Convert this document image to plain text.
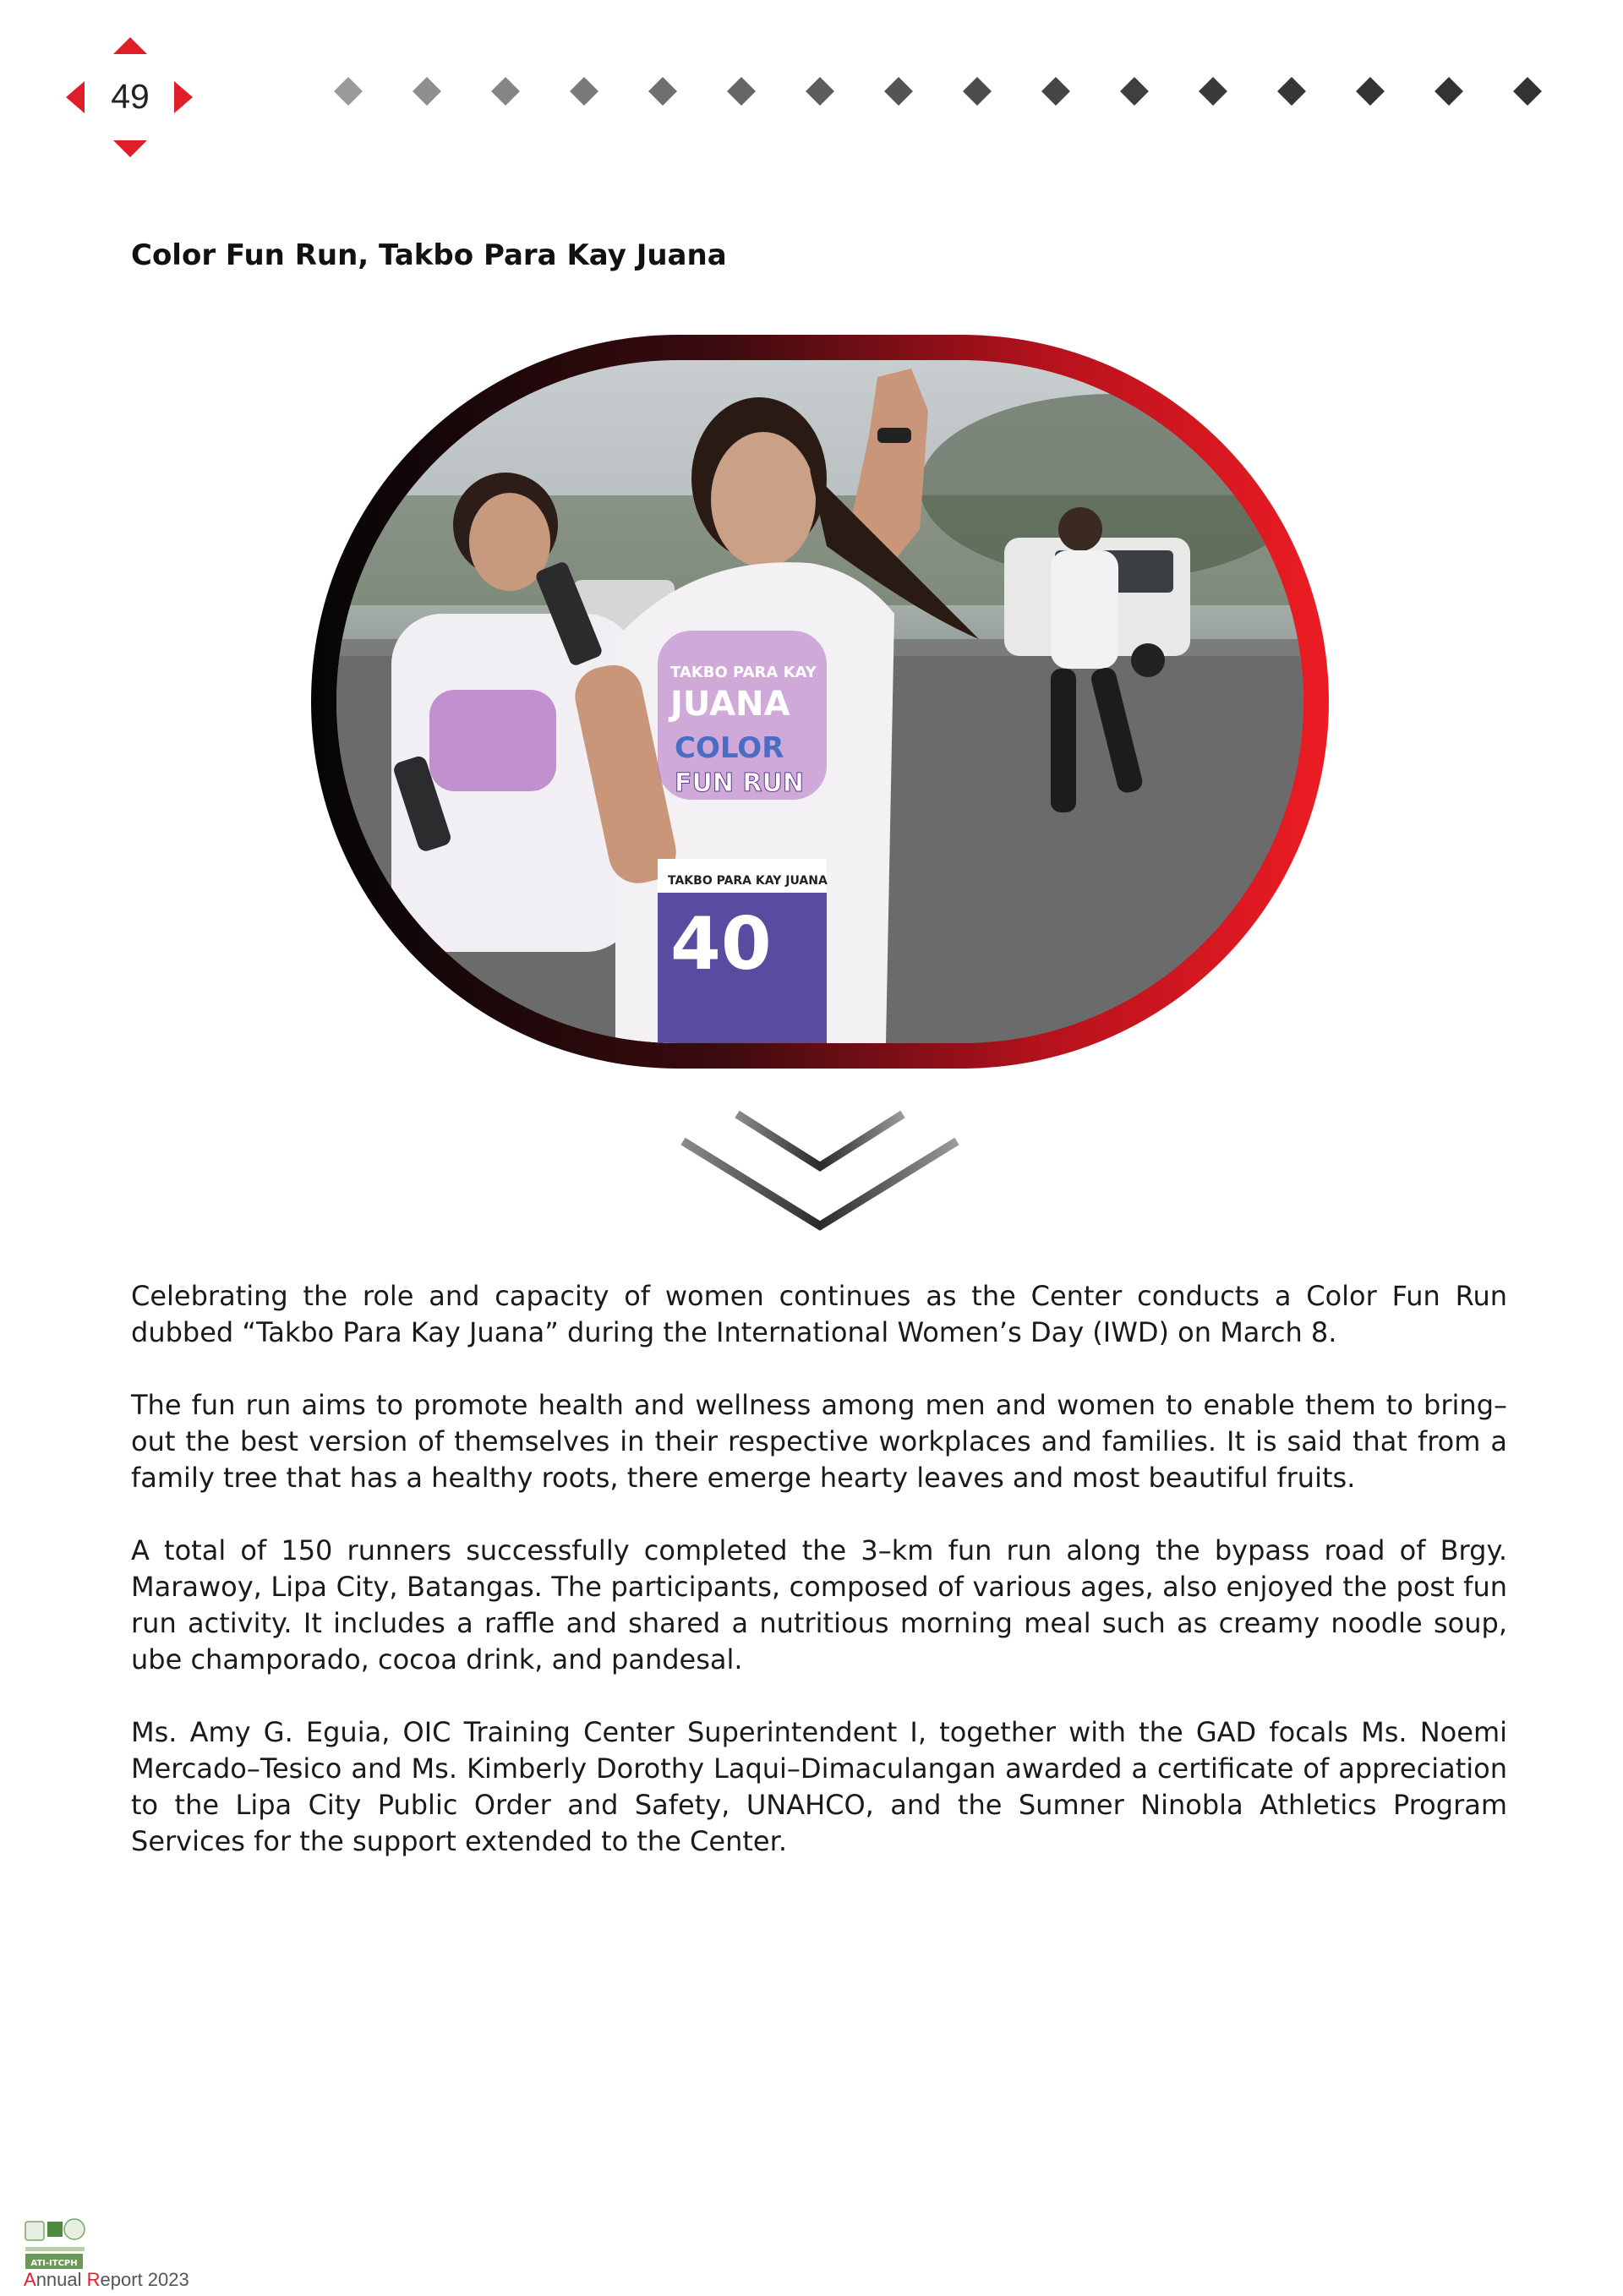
49
Color Fun Run, Takbo Para Kay Juana
TAKBO PARA KAY
JUANA
COLOR
FUN RUN
TAKBO PARA KAY JUANA
40

Celebrating the role and capacity of women continues as the Center conducts a Color Fun Run dubbed “Takbo Para Kay Juana” during the International Women’s Day (IWD) on March 8.

The fun run aims to promote health and wellness among men and women to enable them to bring–out the best version of themselves in their respective workplaces and families. It is said that from a family tree that has a healthy roots, there emerge hearty leaves and most beautiful fruits.

A total of 150 runners successfully completed the 3–km fun run along the bypass road of Brgy. Marawoy, Lipa City, Batangas. The participants, composed of various ages, also enjoyed the post fun run activity. It includes a raffle and shared a nutritious morning meal such as creamy noodle soup, ube champorado, cocoa drink, and pandesal.

Ms. Amy G. Eguia, OIC Training Center Superintendent I, together with the GAD focals Ms. Noemi Mercado–Tesico and Ms. Kimberly Dorothy Laqui–Dimaculangan awarded a certificate of appreciation to the Lipa City Public Order and Safety, UNAHCO, and the Sumner Ninobla Athletics Program Services for the support extended to the Center.

ATI-ITCPH
Annual Report 2023
